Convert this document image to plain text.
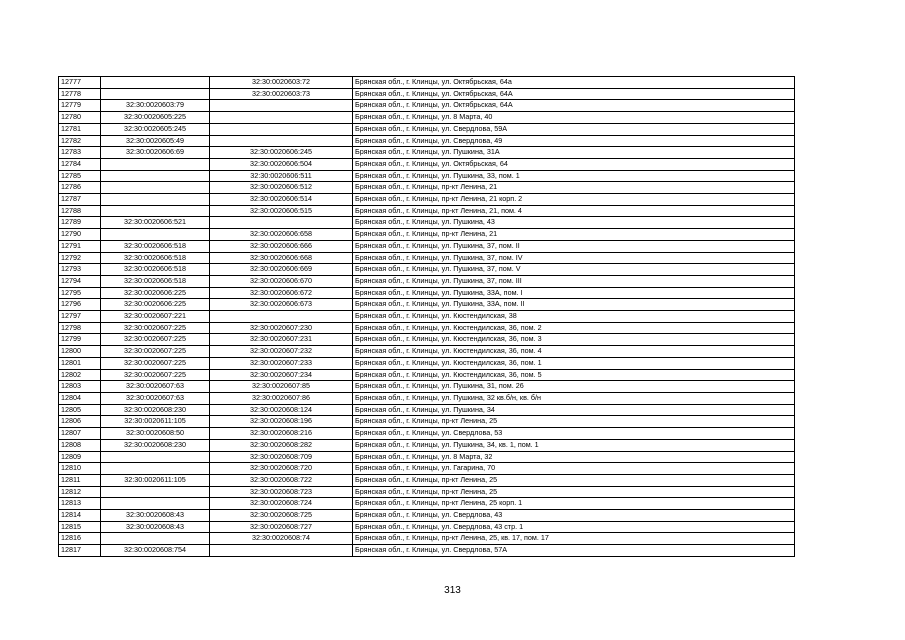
12777		32:30:0020603:72	Брянская обл., г. Клинцы, ул. Октябрьская, 64а
12778		32:30:0020603:73	Брянская обл., г. Клинцы, ул. Октябрьская, 64А
12779	32:30:0020603:79		Брянская обл., г. Клинцы, ул. Октябрьская, 64А
12780	32:30:0020605:225		Брянская обл., г. Клинцы, ул. 8 Марта, 40
12781	32:30:0020605:245		Брянская обл., г. Клинцы, ул. Свердлова, 59А
12782	32:30:0020605:49		Брянская обл., г. Клинцы, ул. Свердлова, 49
12783	32:30:0020606:69	32:30:0020606:245	Брянская обл., г. Клинцы, ул. Пушкина, 31А
12784		32:30:0020606:504	Брянская обл., г. Клинцы, ул. Октябрьская, 64
12785		32:30:0020606:511	Брянская обл., г. Клинцы, ул. Пушкина, 33, пом. 1
12786		32:30:0020606:512	Брянская обл., г. Клинцы, пр-кт Ленина, 21
12787		32:30:0020606:514	Брянская обл., г. Клинцы, пр-кт Ленина, 21 корп. 2
12788		32:30:0020606:515	Брянская обл., г. Клинцы, пр-кт Ленина, 21, пом. 4
12789	32:30:0020606:521		Брянская обл., г. Клинцы, ул. Пушкина, 43
12790		32:30:0020606:658	Брянская обл., г. Клинцы, пр-кт Ленина, 21
12791	32:30:0020606:518	32:30:0020606:666	Брянская обл., г. Клинцы, ул. Пушкина, 37, пом. II
12792	32:30:0020606:518	32:30:0020606:668	Брянская обл., г. Клинцы, ул. Пушкина, 37, пом. IV
12793	32:30:0020606:518	32:30:0020606:669	Брянская обл., г. Клинцы, ул. Пушкина, 37, пом. V
12794	32:30:0020606:518	32:30:0020606:670	Брянская обл., г. Клинцы, ул. Пушкина, 37, пом. III
12795	32:30:0020606:225	32:30:0020606:672	Брянская обл., г. Клинцы, ул. Пушкина, 33А, пом. I
12796	32:30:0020606:225	32:30:0020606:673	Брянская обл., г. Клинцы, ул. Пушкина, 33А, пом. II
12797	32:30:0020607:221		Брянская обл., г. Клинцы, ул. Кюстендилская, 38
12798	32:30:0020607:225	32:30:0020607:230	Брянская обл., г. Клинцы, ул. Кюстендилская, 36, пом. 2
12799	32:30:0020607:225	32:30:0020607:231	Брянская обл., г. Клинцы, ул. Кюстендилская, 36, пом. 3
12800	32:30:0020607:225	32:30:0020607:232	Брянская обл., г. Клинцы, ул. Кюстендилская, 36, пом. 4
12801	32:30:0020607:225	32:30:0020607:233	Брянская обл., г. Клинцы, ул. Кюстендилская, 36, пом. 1
12802	32:30:0020607:225	32:30:0020607:234	Брянская обл., г. Клинцы, ул. Кюстендилская, 36, пом. 5
12803	32:30:0020607:63	32:30:0020607:85	Брянская обл., г. Клинцы, ул. Пушкина, 31, пом. 26
12804	32:30:0020607:63	32:30:0020607:86	Брянская обл., г. Клинцы, ул. Пушкина, 32 кв.б/н, кв. б/н
12805	32:30:0020608:230	32:30:0020608:124	Брянская обл., г. Клинцы, ул. Пушкина, 34
12806	32:30:0020611:105	32:30:0020608:196	Брянская обл., г. Клинцы, пр-кт Ленина, 25
12807	32:30:0020608:50	32:30:0020608:216	Брянская обл., г. Клинцы, ул. Свердлова, 53
12808	32:30:0020608:230	32:30:0020608:282	Брянская обл., г. Клинцы, ул. Пушкина, 34, кв. 1, пом. 1
12809		32:30:0020608:709	Брянская обл., г. Клинцы, ул. 8 Марта, 32
12810		32:30:0020608:720	Брянская обл., г. Клинцы, ул. Гагарина, 70
12811	32:30:0020611:105	32:30:0020608:722	Брянская обл., г. Клинцы, пр-кт Ленина, 25
12812		32:30:0020608:723	Брянская обл., г. Клинцы, пр-кт Ленина, 25
12813		32:30:0020608:724	Брянская обл., г. Клинцы, пр-кт Ленина, 25 корп. 1
12814	32:30:0020608:43	32:30:0020608:725	Брянская обл., г. Клинцы, ул. Свердлова, 43
12815	32:30:0020608:43	32:30:0020608:727	Брянская обл., г. Клинцы, ул. Свердлова, 43 стр. 1
12816		32:30:0020608:74	Брянская обл., г. Клинцы, пр-кт Ленина, 25, кв. 17, пом. 17
12817	32:30:0020608:754		Брянская обл., г. Клинцы, ул. Свердлова, 57А
313
